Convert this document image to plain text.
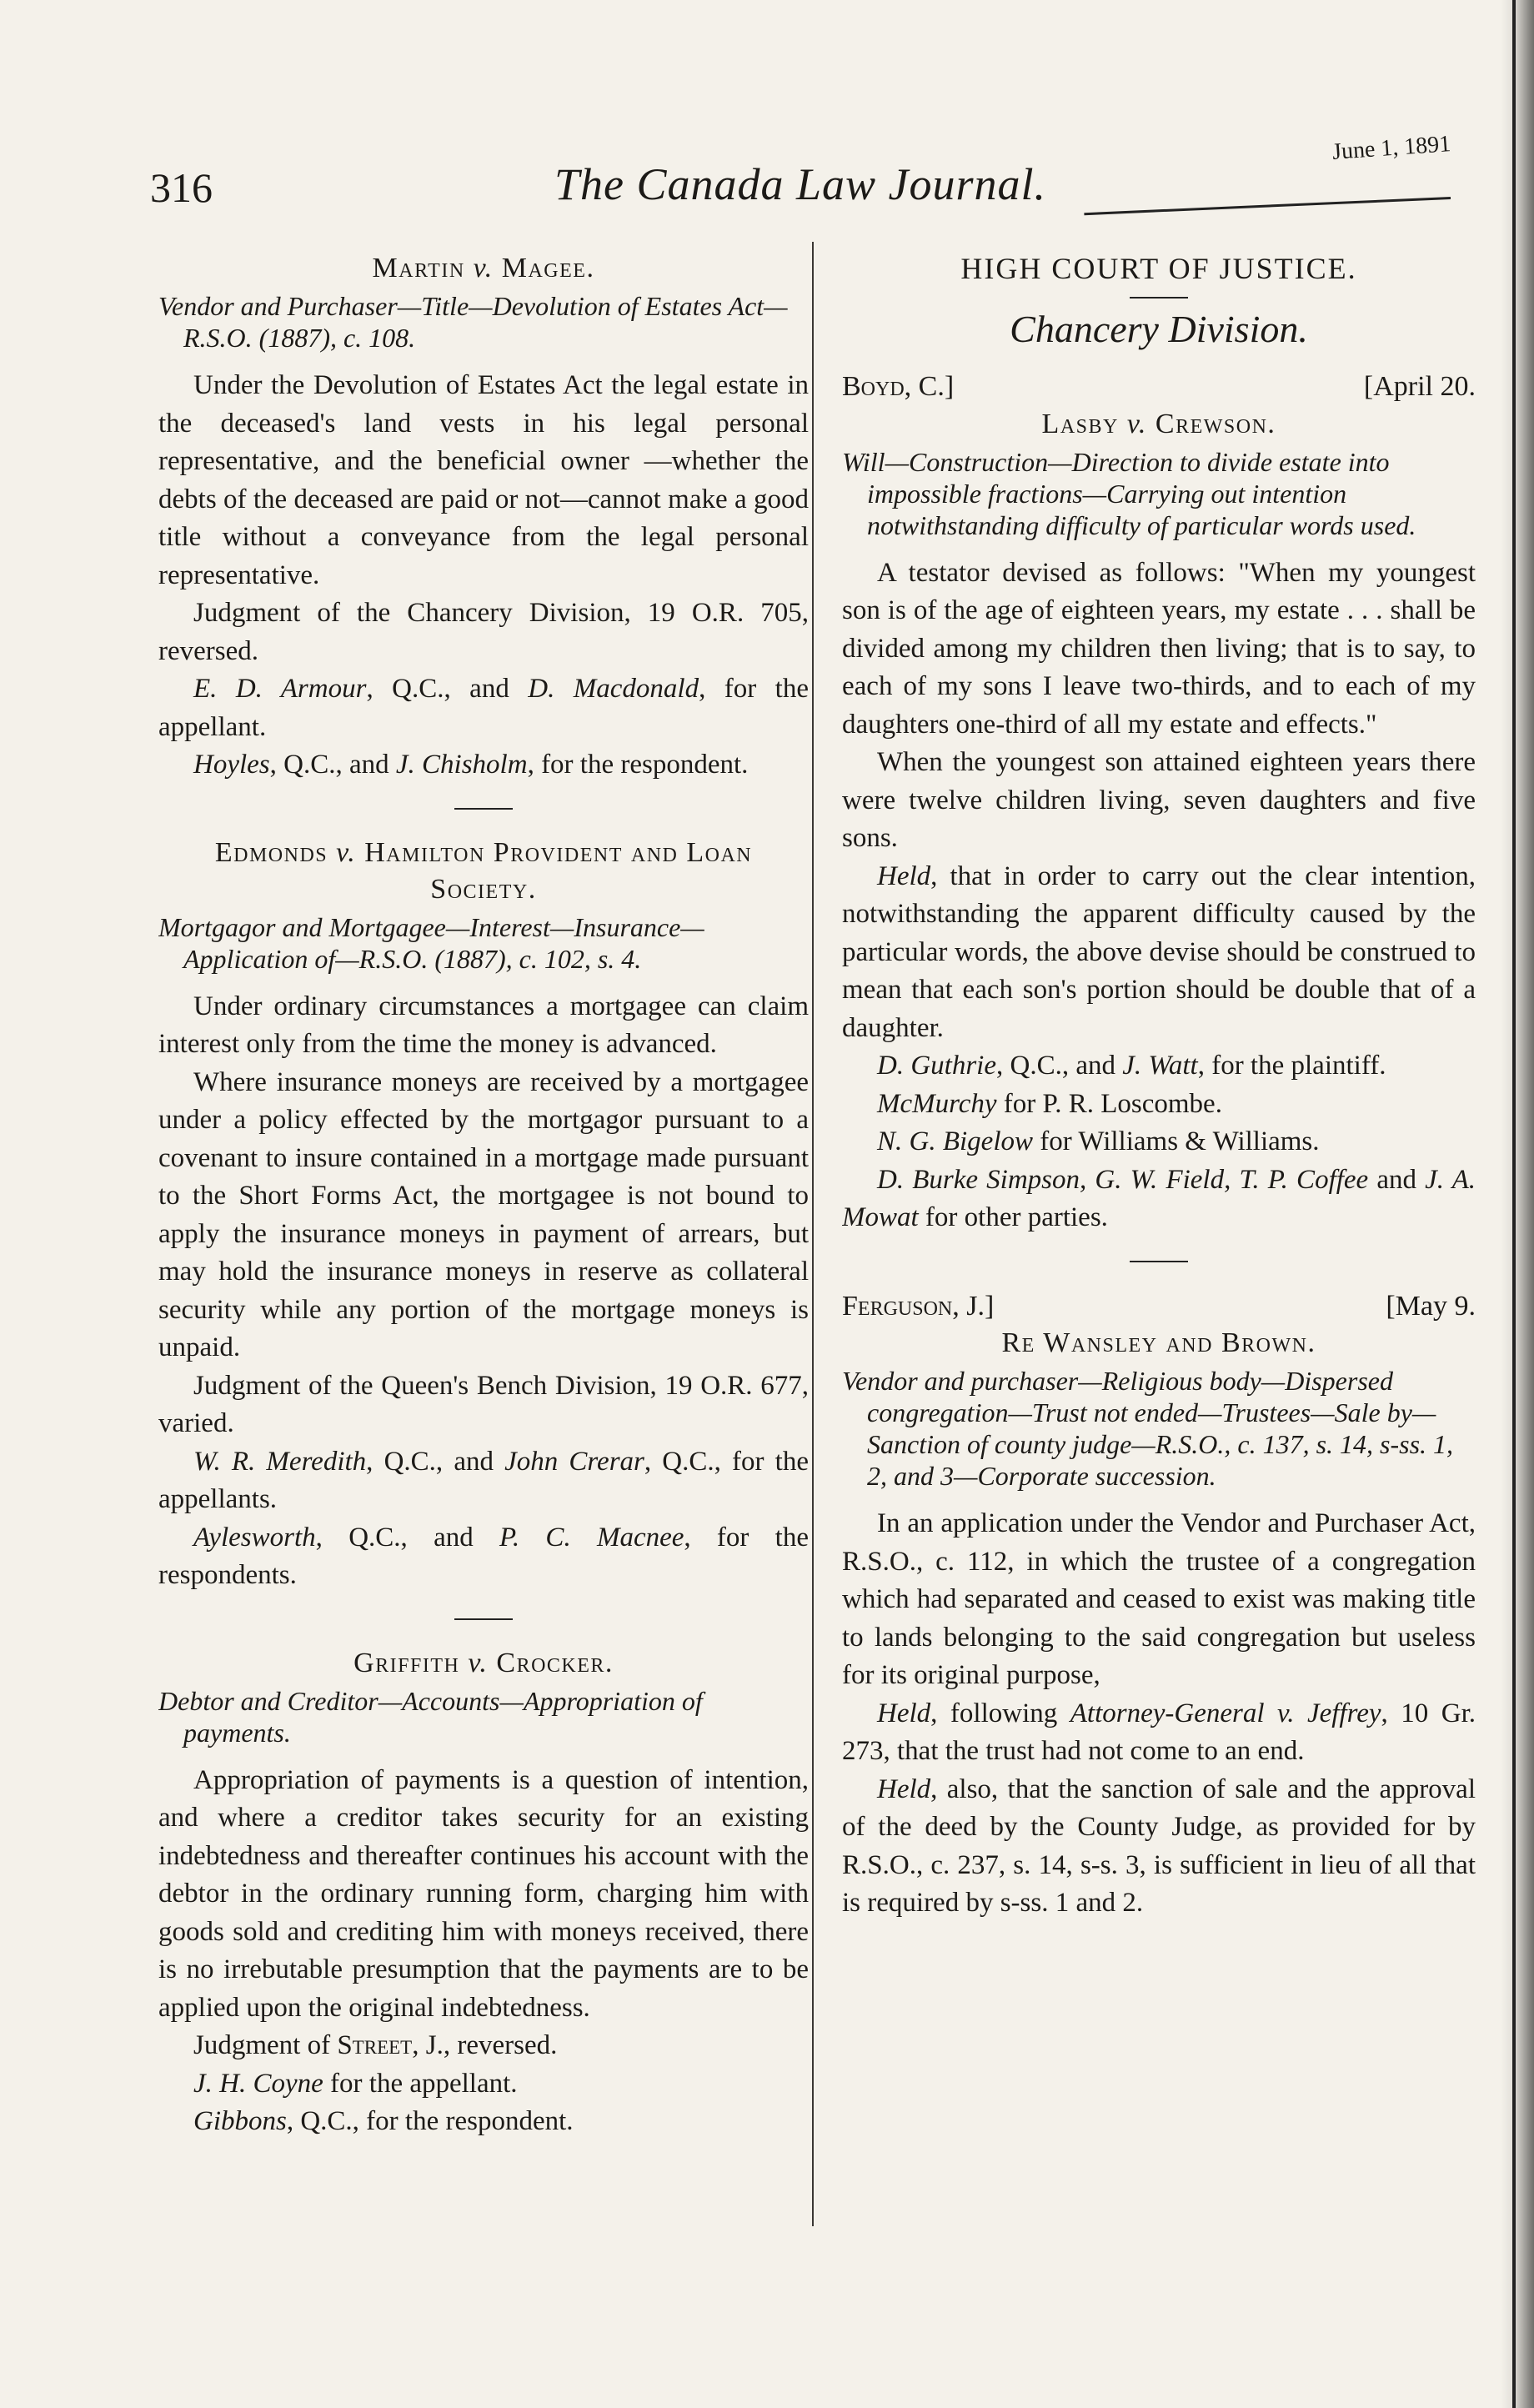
316	The Canada Law Journal.
June 1, 1891
Martin v. Magee.
Vendor and Purchaser—Title—Devolution of Estates Act—R.S.O. (1887), c. 108.

Under the Devolution of Estates Act the legal estate in the deceased's land vests in his legal personal representative, and the beneficial owner —whether the debts of the deceased are paid or not—cannot make a good title without a conveyance from the legal personal representative.

Judgment of the Chancery Division, 19 O.R. 705, reversed.

E. D. Armour, Q.C., and D. Macdonald, for the appellant.

Hoyles, Q.C., and J. Chisholm, for the respondent.

Edmonds v. Hamilton Provident and Loan Society.
Mortgagor and Mortgagee—Interest—Insurance—Application of—R.S.O. (1887), c. 102, s. 4.

Under ordinary circumstances a mortgagee can claim interest only from the time the money is advanced.

Where insurance moneys are received by a mortgagee under a policy effected by the mortgagor pursuant to a covenant to insure contained in a mortgage made pursuant to the Short Forms Act, the mortgagee is not bound to apply the insurance moneys in payment of arrears, but may hold the insurance moneys in reserve as collateral security while any portion of the mortgage moneys is unpaid.

Judgment of the Queen's Bench Division, 19 O.R. 677, varied.

W. R. Meredith, Q.C., and John Crerar, Q.C., for the appellants.

Aylesworth, Q.C., and P. C. Macnee, for the respondents.

Griffith v. Crocker.
Debtor and Creditor—Accounts—Appropriation of payments.

Appropriation of payments is a question of intention, and where a creditor takes security for an existing indebtedness and thereafter continues his account with the debtor in the ordinary running form, charging him with goods sold and crediting him with moneys received, there is no irrebutable presumption that the payments are to be applied upon the original indebtedness.

Judgment of Street, J., reversed.

J. H. Coyne for the appellant.

Gibbons, Q.C., for the respondent.

HIGH COURT OF JUSTICE.
Chancery Division.
Boyd, C.]	[April 20.
Lasby v. Crewson.
Will—Construction—Direction to divide estate into impossible fractions—Carrying out intention notwithstanding difficulty of particular words used.

A testator devised as follows: "When my youngest son is of the age of eighteen years, my estate . . . shall be divided among my children then living; that is to say, to each of my sons I leave two-thirds, and to each of my daughters one-third of all my estate and effects."

When the youngest son attained eighteen years there were twelve children living, seven daughters and five sons.

Held, that in order to carry out the clear intention, notwithstanding the apparent difficulty caused by the particular words, the above devise should be construed to mean that each son's portion should be double that of a daughter.

D. Guthrie, Q.C., and J. Watt, for the plaintiff.

McMurchy for P. R. Loscombe.

N. G. Bigelow for Williams & Williams.

D. Burke Simpson, G. W. Field, T. P. Coffee and J. A. Mowat for other parties.

Ferguson, J.]	[May 9.
Re Wansley and Brown.
Vendor and purchaser—Religious body—Dispersed congregation—Trust not ended—Trustees—Sale by—Sanction of county judge—R.S.O., c. 137, s. 14, s-ss. 1, 2, and 3—Corporate succession.

In an application under the Vendor and Purchaser Act, R.S.O., c. 112, in which the trustee of a congregation which had separated and ceased to exist was making title to lands belonging to the said congregation but useless for its original purpose,

Held, following Attorney-General v. Jeffrey, 10 Gr. 273, that the trust had not come to an end.

Held, also, that the sanction of sale and the approval of the deed by the County Judge, as provided for by R.S.O., c. 237, s. 14, s-s. 3, is sufficient in lieu of all that is required by s-ss. 1 and 2.
